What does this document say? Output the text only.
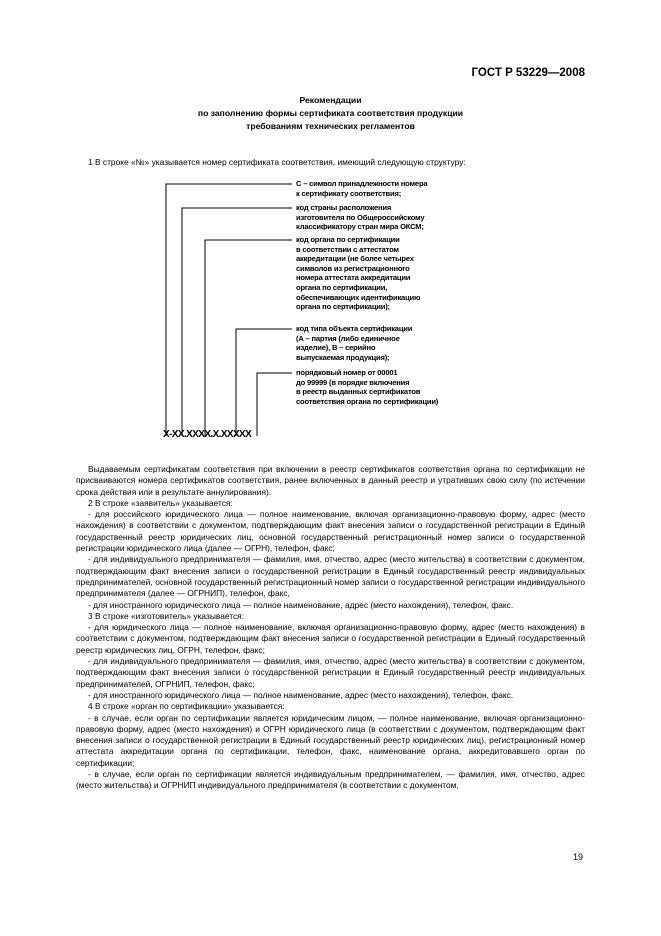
ГОСТ Р 53229—2008
Рекомендации
по заполнению формы сертификата соответствия продукции
требованиям технических регламентов
1 В строке «№» указывается номер сертификата соответствия, имеющий следующую структуру:
С – символ принадлежности номера
к сертификату соответствия;
код страны расположения
изготовителя по Общероссийскому
классификатору стран мира ОКСМ;
код органа по сертификации
в соответствии с аттестатом
аккредитации (не более четырех
символов из регистрационного
номера аттестата аккредитации
органа по сертификации,
обеспечивающих идентификацию
органа по сертификации);
код типа объекта сертификации
(А – партия (либо единичное
изделие), В – серийно
выпускаемая продукция);
порядковый номер от 00001
до 99999 (в порядке включения
в реестр выданных сертификатов
соответствия органа по сертификации)
X-XX.XXXX.X.XXXXX

Выдаваемым сертификатам соответствия при включении в реестр сертификатов соответствия органа по сертификации не присваиваются номера сертификатов соответствия, ранее включенных в данный реестр и утративших свою силу (по истечении срока действия или в результате аннулирования).

2 В строке «заявитель» указывается:

- для российского юридического лица — полное наименование, включая организационно-правовую форму, адрес (место нахождения) в соответствии с документом, подтверждающим факт внесения записи о государственной регистрации в Единый государственный реестр юридических лиц, основной государственный регистрационный номер записи о государственной регистрации юридического лица (далее — ОГРН), телефон, факс;

- для индивидуального предпринимателя — фамилия, имя, отчество, адрес (место жительства) в соответствии с документом, подтверждающим факт внесения записи о государственной регистрации в Единый государственный реестр индивидуальных предпринимателей, основной государственный регистрационный номер записи о государственной регистрации индивидуального предпринимателя (далее — ОГРНИП), телефон, факс,

- для иностранного юридического лица — полное наименование, адрес (место нахождения), телефон, факс.

3 В строке «изготовитель» указывается:

- для юридического лица — полное наименование, включая организационно-правовую форму, адрес (место нахождения) в соответствии с документом, подтверждающим факт внесения записи о государственной регистрации в Единый государственный реестр юридических лиц, ОГРН, телефон, факс;

- для индивидуального предпринимателя — фамилия, имя, отчество, адрес (место жительства) в соответствии с документом, подтверждающим факт внесения записи о государственной регистрации в Единый государственный реестр индивидуальных предпринимателей, ОГРНИП, телефон, факс;

- для иностранного юридического лица — полное наименование, адрес (место нахождения), телефон, факс.

4 В строке «орган по сертификации» указывается:

- в случае, если орган по сертификации является юридическим лицом, — полное наименование, включая организационно-правовую форму, адрес (место нахождения) и ОГРН юридического лица (в соответствии с документом, подтверждающим факт внесения записи о государственной регистрации в Единый государственный реестр юридических лиц), регистрационный номер аттестата аккредитации органа по сертификации, телефон, факс, наименование органа, аккредитовавшего орган по сертификации;

- в случае, если орган по сертификации является индивидуальным предпринимателем, — фамилия, имя, отчество, адрес (место жительства) и ОГРНИП индивидуального предпринимателя (в соответствии с документом,

19
